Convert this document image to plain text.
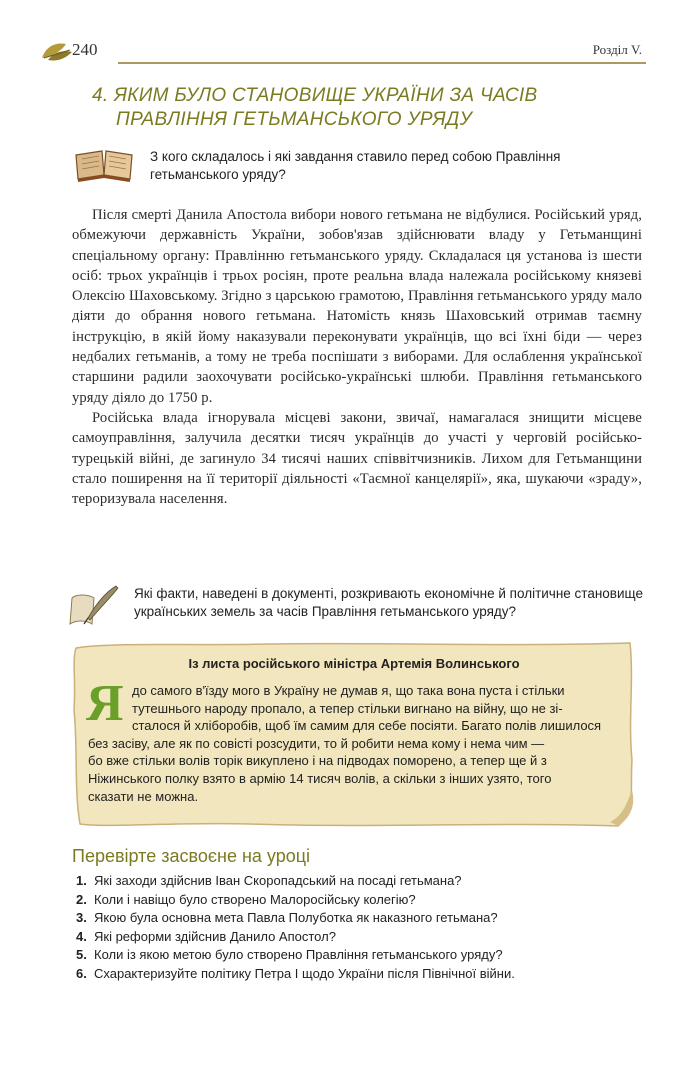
240	Розділ V.
4. ЯКИМ БУЛО СТАНОВИЩЕ УКРАЇНИ ЗА ЧАСІВ
ПРАВЛІННЯ ГЕТЬМАНСЬКОГО УРЯДУ
З кого складалось і які завдання ставило перед собою Правління гетьманського уряду?

Після смерті Данила Апостола вибори нового гетьмана не відбулися. Російський уряд, обмежуючи державність України, зобов'язав здійснювати владу у Гетьманщині спеціальному органу: Правлінню гетьманського уряду. Складалася ця установа із шести осіб: трьох українців і трьох росіян, проте реальна влада належала російському князеві Олексію Шаховському. Згідно з царською грамотою, Правління гетьманського уряду мало діяти до обрання нового гетьмана. Натомість князь Шаховський отримав таємну інструкцію, в якій йому наказували переконувати українців, що всі їхні біди — через недбалих гетьманів, а тому не треба поспішати з виборами. Для ослаблення української старшини радили заохочувати російсько-українські шлюби. Правління гетьманського уряду діяло до 1750 р.

Російська влада ігнорувала місцеві закони, звичаї, намагалася знищити місцеве самоуправління, залучила десятки тисяч українців до участі у черговій російсько-турецькій війні, де загинуло 34 тисячі наших співвітчизників. Лихом для Гетьманщини стало поширення на її території діяльності «Таємної канцелярії», яка, шукаючи «зраду», тероризувала населення.

Які факти, наведені в документі, розкривають економічне й політичне становище українських земель за часів Правління гетьманського уряду?
Із листа російського міністра Артемія Волинського
Я до самого в'їзду мого в Україну не думав я, що така вона пуста і стільки
тутешнього народу пропало, а тепер стільки вигнано на війну, що не зі-
сталося й хліборобів, щоб їм самим для себе посіяти. Багато полів лишилося
без засіву, але як по совісті розсудити, то й робити нема кому і нема чим —
бо вже стільки волів торік викуплено і на підводах поморено, а тепер ще й з
Ніжинського полку взято в армію 14 тисяч волів, а скільки з інших узято, того
сказати не можна.
Перевірте засвоєне на уроці
1. Які заходи здійснив Іван Скоропадський на посаді гетьмана?
2. Коли і навіщо було створено Малоросійську колегію?
3. Якою була основна мета Павла Полуботка як наказного гетьмана?
4. Які реформи здійснив Данило Апостол?
5. Коли із якою метою було створено Правління гетьманського уряду?
6. Схарактеризуйте політику Петра І щодо України після Північної війни.
